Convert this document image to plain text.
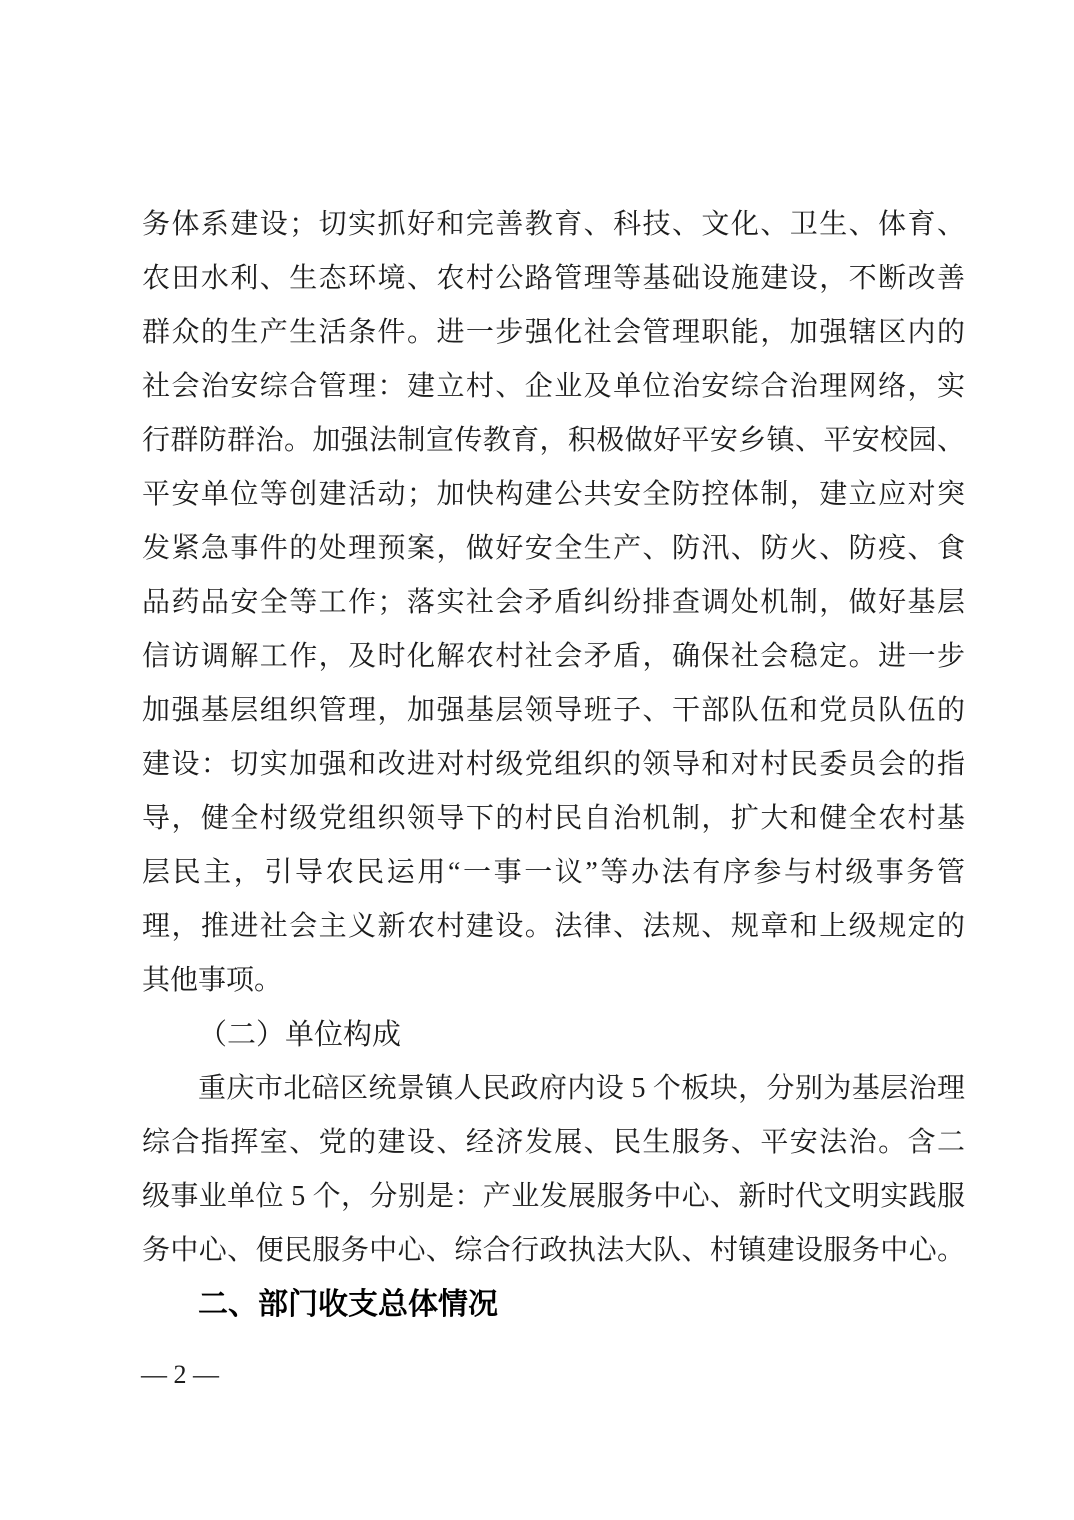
务体系建设；切实抓好和完善教育、科技、文化、卫生、体育、
农田水利、生态环境、农村公路管理等基础设施建设，不断改善
群众的生产生活条件。进一步强化社会管理职能，加强辖区内的
社会治安综合管理：建立村、企业及单位治安综合治理网络，实
行群防群治。加强法制宣传教育，积极做好平安乡镇、平安校园、
平安单位等创建活动；加快构建公共安全防控体制，建立应对突
发紧急事件的处理预案，做好安全生产、防汛、防火、防疫、食
品药品安全等工作；落实社会矛盾纠纷排查调处机制，做好基层
信访调解工作，及时化解农村社会矛盾，确保社会稳定。进一步
加强基层组织管理，加强基层领导班子、干部队伍和党员队伍的
建设：切实加强和改进对村级党组织的领导和对村民委员会的指
导，健全村级党组织领导下的村民自治机制，扩大和健全农村基
层民主，引导农民运用“一事一议”等办法有序参与村级事务管
理，推进社会主义新农村建设。法律、法规、规章和上级规定的
其他事项。
（二）单位构成
重庆市北碚区统景镇人民政府内设 5 个板块，分别为基层治理
综合指挥室、党的建设、经济发展、民生服务、平安法治。含二
级事业单位 5 个，分别是：产业发展服务中心、新时代文明实践服
务中心、便民服务中心、综合行政执法大队、村镇建设服务中心。
二、部门收支总体情况
— 2 —
